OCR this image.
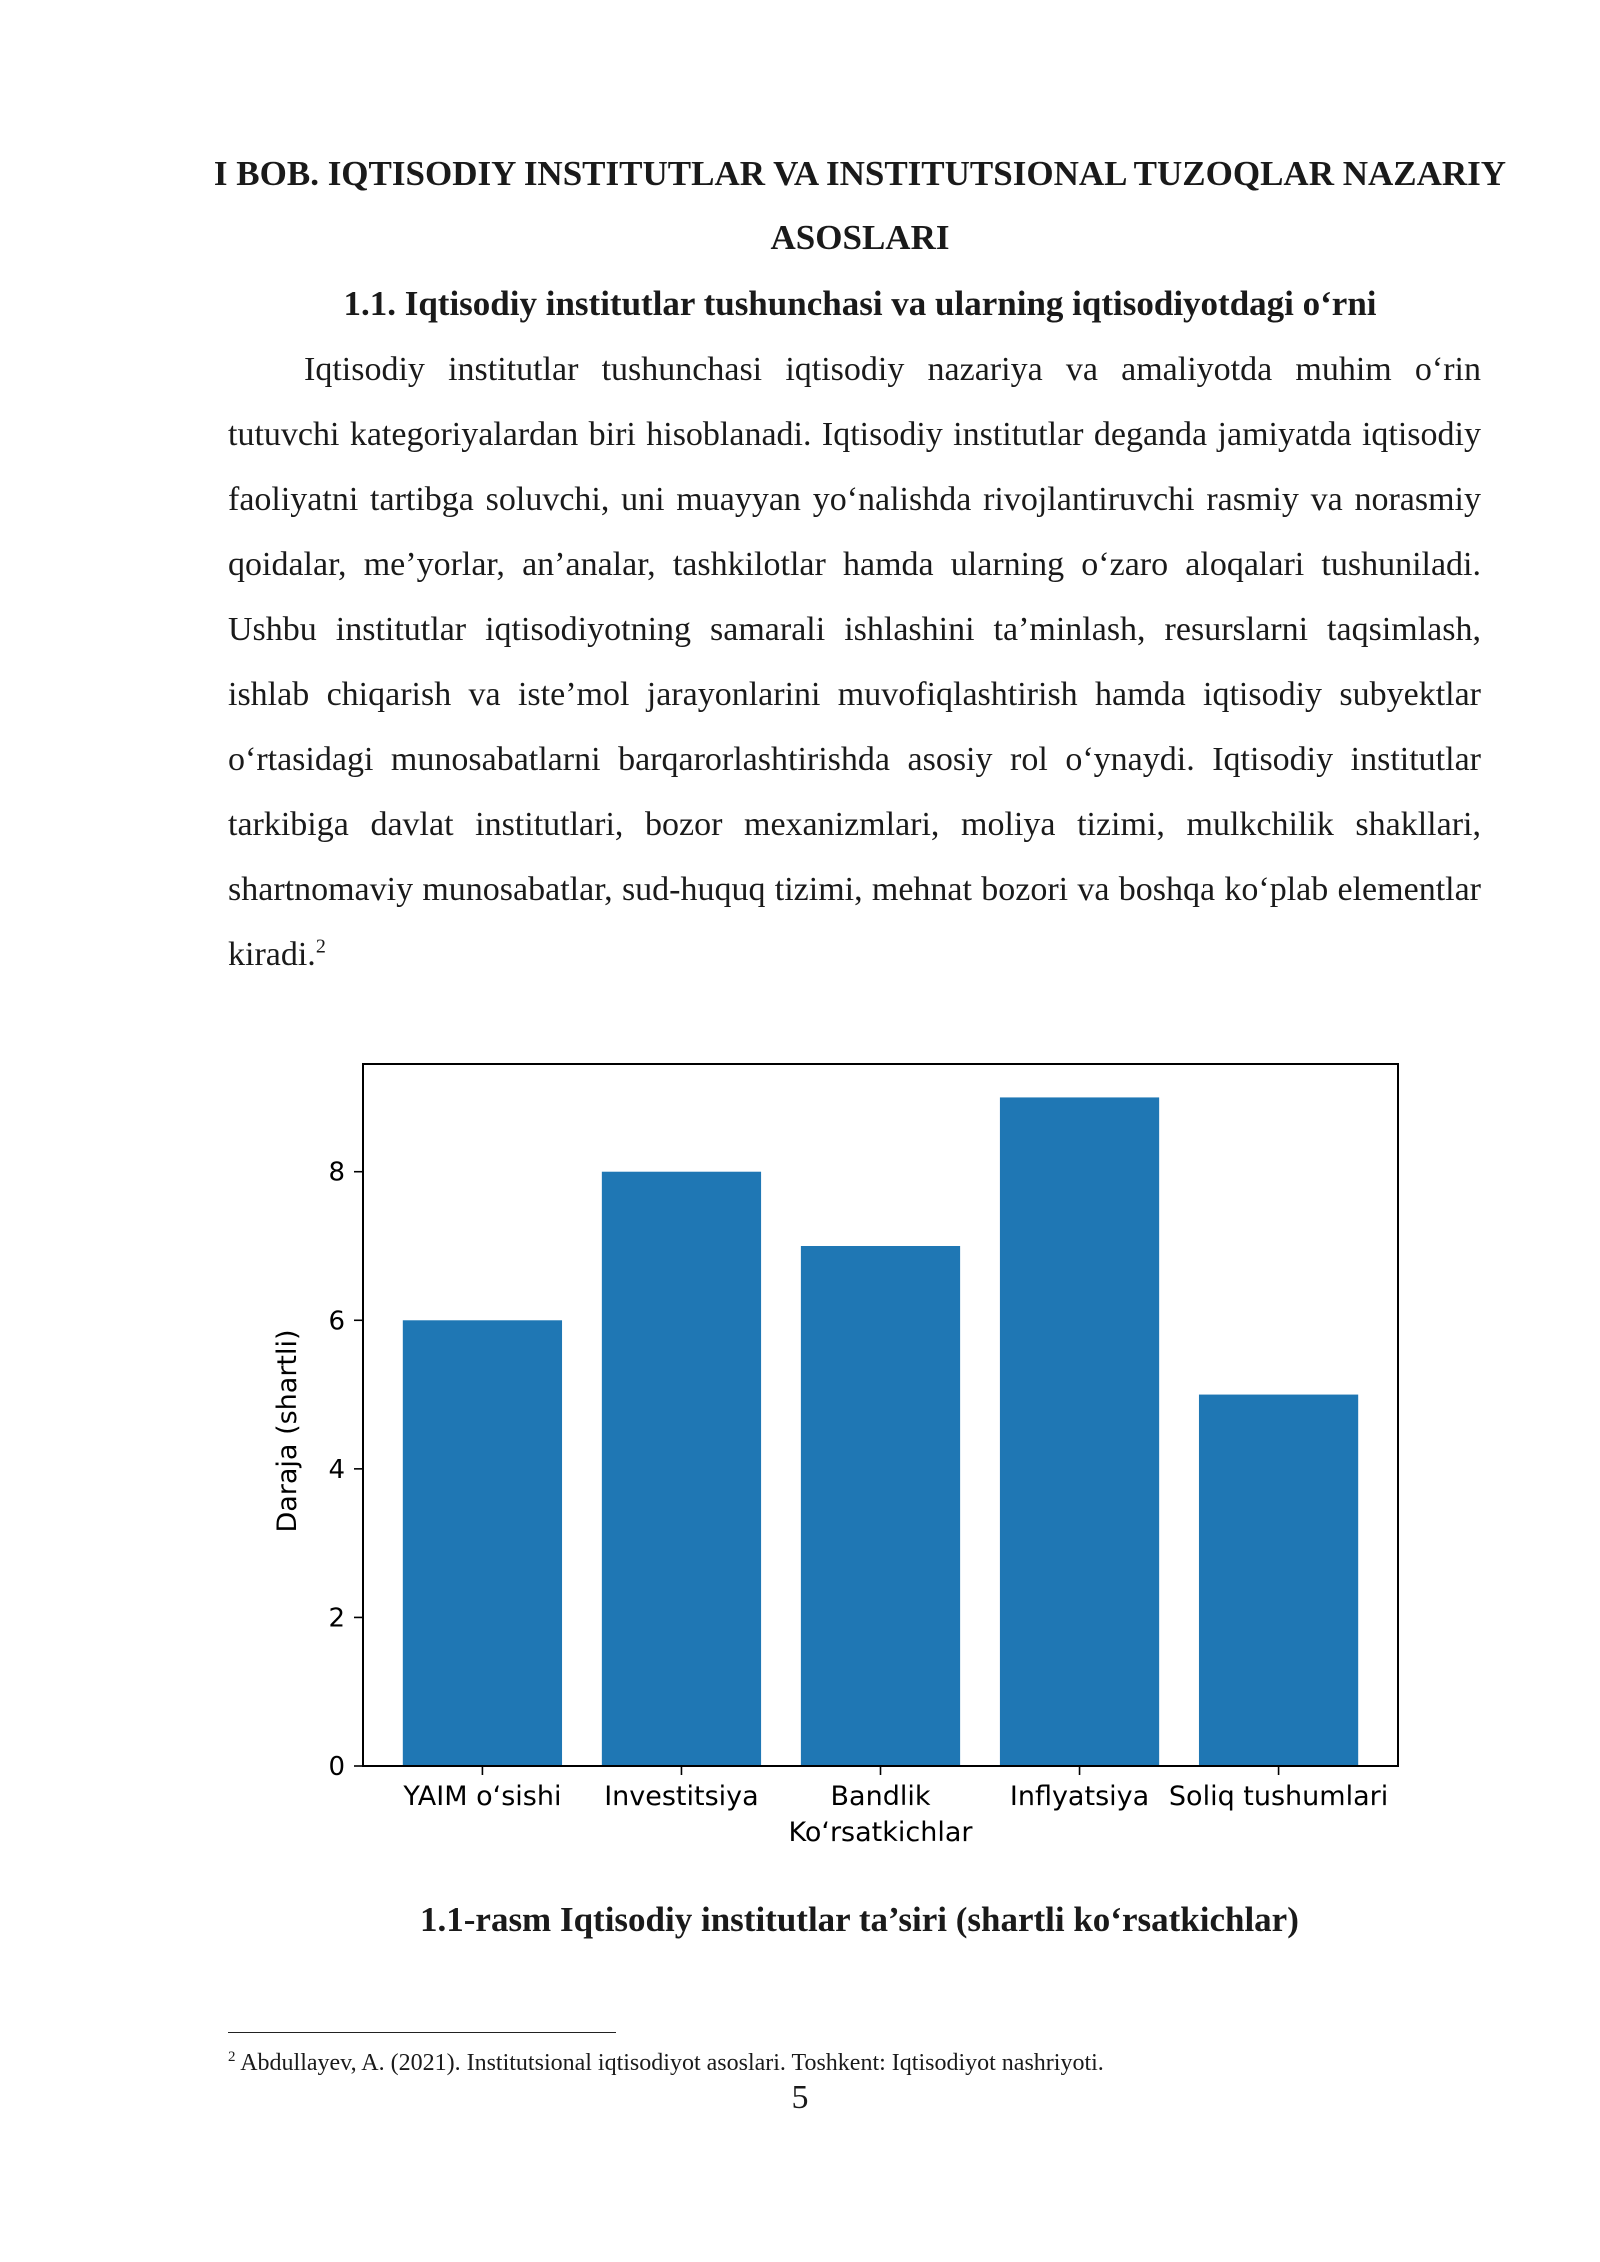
I BOB. IQTISODIY INSTITUTLAR VA INSTITUTSIONAL TUZOQLAR NAZARIY ASOSLARI
1.1. Iqtisodiy institutlar tushunchasi va ularning iqtisodiyotdagi o‘rni

Iqtisodiy institutlar tushunchasi iqtisodiy nazariya va amaliyotda muhim o‘rin tutuvchi kategoriyalardan biri hisoblanadi. Iqtisodiy institutlar deganda jamiyatda iqtisodiy faoliyatni tartibga soluvchi, uni muayyan yo‘nalishda rivojlantiruvchi rasmiy va norasmiy qoidalar, me’yorlar, an’analar, tashkilotlar hamda ularning o‘zaro aloqalari tushuniladi. Ushbu institutlar iqtisodiyotning samarali ishlashini ta’minlash, resurslarni taqsimlash, ishlab chiqarish va iste’mol jarayonlarini muvofiqlashtirish hamda iqtisodiy subyektlar o‘rtasidagi munosabatlarni barqarorlashtirishda asosiy rol o‘ynaydi. Iqtisodiy institutlar tarkibiga davlat institutlari, bozor mexanizmlari, moliya tizimi, mulkchilik shakllari, shartnomaviy munosabatlar, sud-huquq tizimi, mehnat bozori va boshqa ko‘plab elementlar kiradi.$^2$

YAIM o‘sishi Investitsiya	Bandlik	Inflyatsiya Soliq tushumlari
0
2
4
6
8
Ko‘rsatkichlar
Daraja (shartli)

1.1-rasm Iqtisodiy institutlar ta’siri (shartli ko‘rsatkichlar)

$^2$ Abdullayev, A. (2021). Institutsional iqtisodiyot asoslari. Toshkent: Iqtisodiyot nashriyoti.

5
